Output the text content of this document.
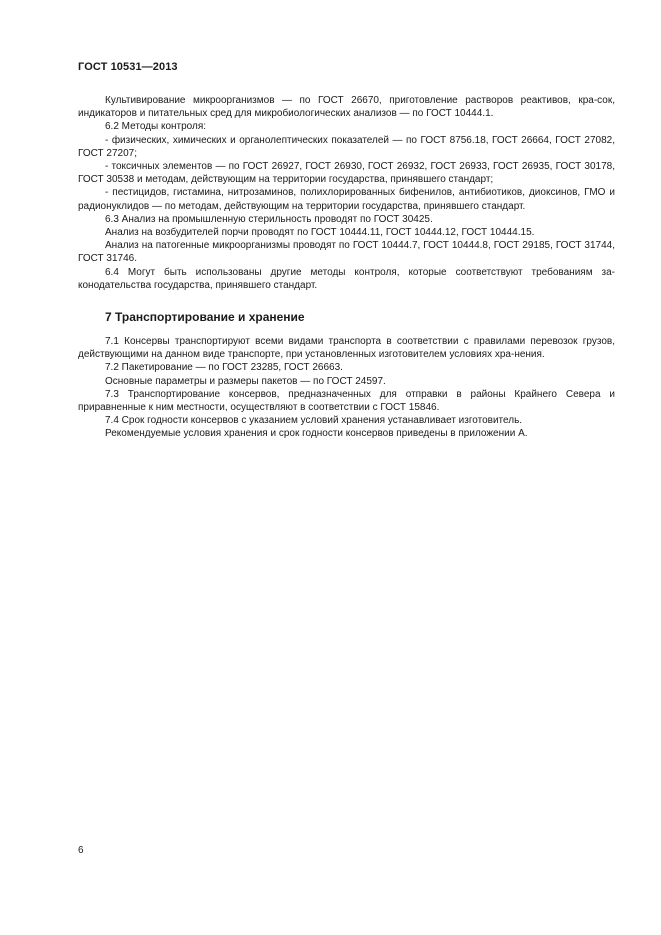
ГОСТ 10531—2013

Культивирование микроорганизмов — по ГОСТ 26670, приготовление растворов реактивов, кра-сок, индикаторов и питательных сред для микробиологических анализов — по ГОСТ 10444.1.

6.2 Методы контроля:

- физических, химических и органолептических показателей — по ГОСТ 8756.18, ГОСТ 26664, ГОСТ 27082, ГОСТ 27207;

- токсичных элементов — по ГОСТ 26927, ГОСТ 26930, ГОСТ 26932, ГОСТ 26933, ГОСТ 26935, ГОСТ 30178, ГОСТ 30538 и методам, действующим на территории государства, принявшего стандарт;

- пестицидов, гистамина, нитрозаминов, полихлорированных бифенилов, антибиотиков, диоксинов, ГМО и радионуклидов — по методам, действующим на территории государства, принявшего стандарт.

6.3 Анализ на промышленную стерильность проводят по ГОСТ 30425.

Анализ на возбудителей порчи проводят по ГОСТ 10444.11, ГОСТ 10444.12, ГОСТ 10444.15.

Анализ на патогенные микроорганизмы проводят по ГОСТ 10444.7, ГОСТ 10444.8, ГОСТ 29185, ГОСТ 31744, ГОСТ 31746.

6.4 Могут быть использованы другие методы контроля, которые соответствуют требованиям за-конодательства государства, принявшего стандарт.

7 Транспортирование и хранение

7.1 Консервы транспортируют всеми видами транспорта в соответствии с правилами перевозок грузов, действующими на данном виде транспорте, при установленных изготовителем условиях хра-нения.

7.2 Пакетирование — по ГОСТ 23285, ГОСТ 26663.

Основные параметры и размеры пакетов — по ГОСТ 24597.

7.3 Транспортирование консервов, предназначенных для отправки в районы Крайнего Севера и приравненные к ним местности, осуществляют в соответствии с ГОСТ 15846.

7.4 Срок годности консервов с указанием условий хранения устанавливает изготовитель.

Рекомендуемые условия хранения и срок годности консервов приведены в приложении А.

6
